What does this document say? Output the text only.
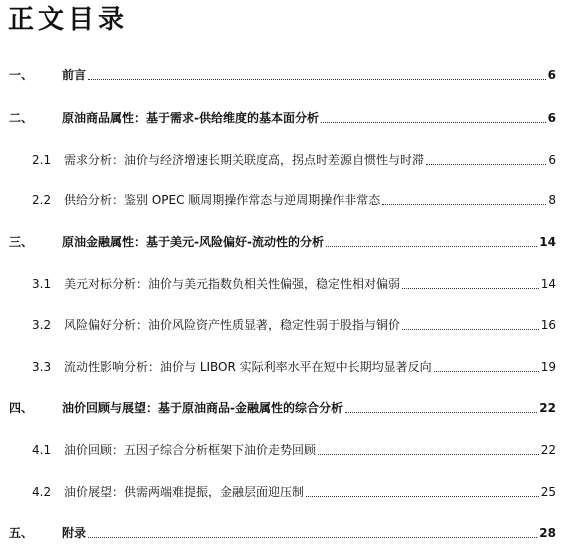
正文目录
一、 前言	6
二、 原油商品属性：基于需求-供给维度的基本面分析	6
2.1 需求分析：油价与经济增速长期关联度高，拐点时差源自惯性与时滞	6
2.2 供给分析：鉴别 OPEC 顺周期操作常态与逆周期操作非常态	8
三、 原油金融属性：基于美元-风险偏好-流动性的分析	14
3.1 美元对标分析：油价与美元指数负相关性偏强，稳定性相对偏弱	14
3.2 风险偏好分析：油价风险资产性质显著，稳定性弱于股指与铜价	16
3.3 流动性影响分析：油价与 LIBOR 实际利率水平在短中长期均显著反向	19
四、 油价回顾与展望：基于原油商品-金融属性的综合分析	22
4.1 油价回顾：五因子综合分析框架下油价走势回顾	22
4.2 油价展望：供需两端难提振，金融层面迎压制	25
五、 附录	28
